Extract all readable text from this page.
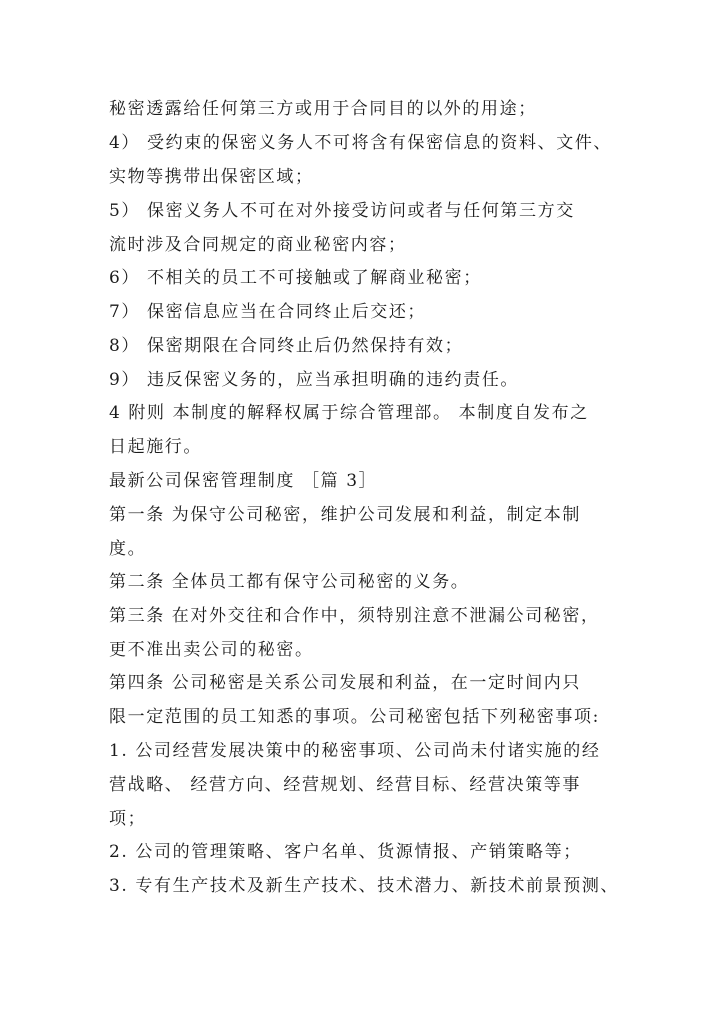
秘密透露给任何第三方或用于合同目的以外的用途；
4） 受约束的保密义务人不可将含有保密信息的资料、文件、
实物等携带出保密区域；
5） 保密义务人不可在对外接受访问或者与任何第三方交
流时涉及合同规定的商业秘密内容；
6） 不相关的员工不可接触或了解商业秘密；
7） 保密信息应当在合同终止后交还；
8） 保密期限在合同终止后仍然保持有效；
9） 违反保密义务的，应当承担明确的违约责任。
4 附则 本制度的解释权属于综合管理部。 本制度自发布之
日起施行。
最新公司保密管理制度 ［篇 3］
第一条 为保守公司秘密，维护公司发展和利益，制定本制
度。
第二条 全体员工都有保守公司秘密的义务。
第三条 在对外交往和合作中，须特别注意不泄漏公司秘密，
更不准出卖公司的秘密。
第四条 公司秘密是关系公司发展和利益，在一定时间内只
限一定范围的员工知悉的事项。公司秘密包括下列秘密事项:
1. 公司经营发展决策中的秘密事项、公司尚未付诸实施的经
营战略、 经营方向、经营规划、经营目标、经营决策等事
项；
2. 公司的管理策略、客户名单、货源情报、产销策略等；
3. 专有生产技术及新生产技术、技术潜力、新技术前景预测、
